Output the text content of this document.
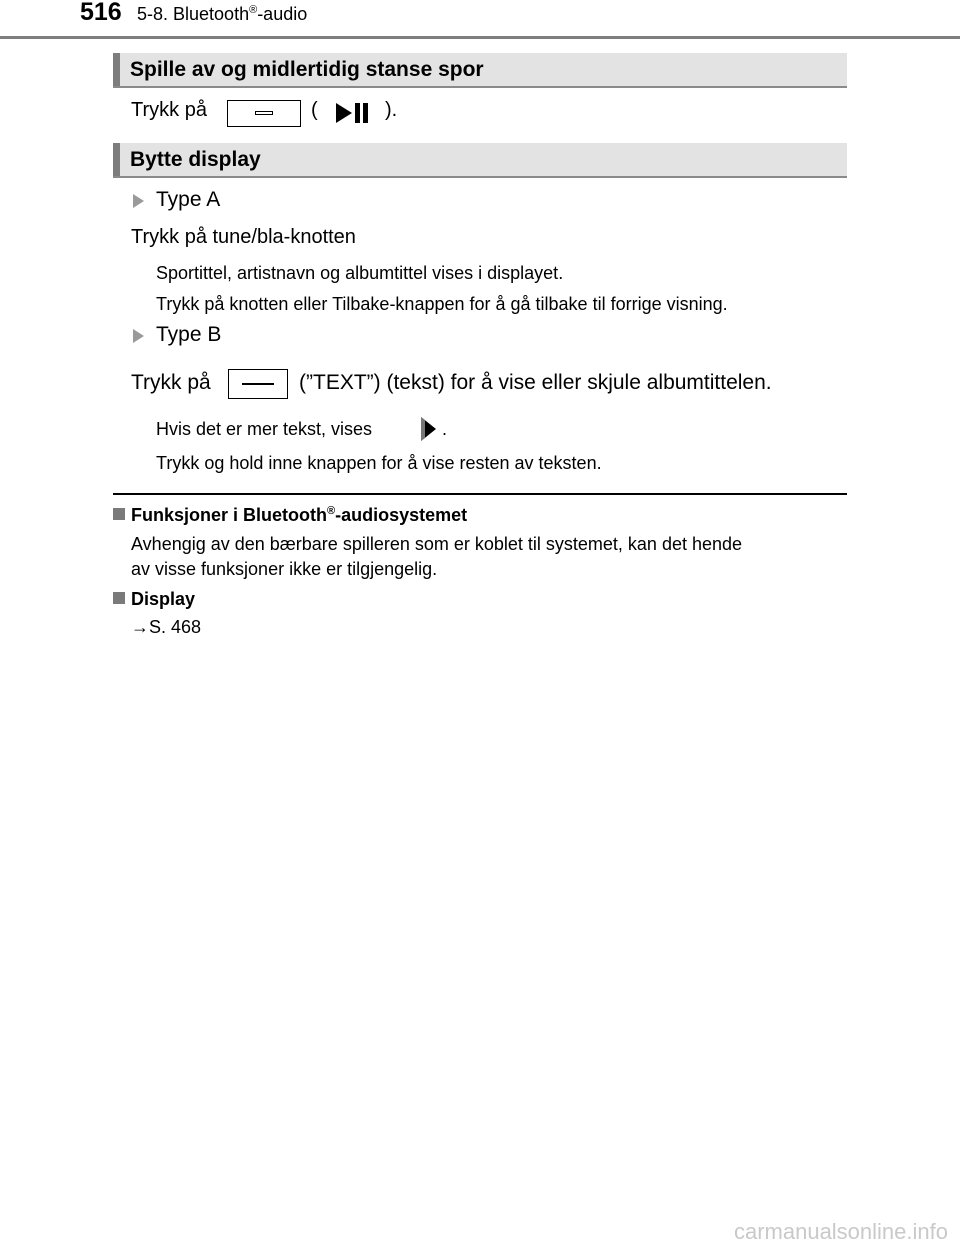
516 5-8. Bluetooth®-audio
Spille av og midlertidig stanse spor
Trykk på	(	).
Bytte display
Type A
Trykk på tune/bla-knotten
Sportittel, artistnavn og albumtittel vises i displayet.
Trykk på knotten eller Tilbake-knappen for å gå tilbake til forrige visning.
Type B
Trykk på	(”TEXT”) (tekst) for å vise eller skjule albumtittelen.
Hvis det er mer tekst, vises	.
Trykk og hold inne knappen for å vise resten av teksten.
Funksjoner i Bluetooth®-audiosystemet
Avhengig av den bærbare spilleren som er koblet til systemet, kan det hende
av visse funksjoner ikke er tilgjengelig.
Display
→S. 468
carmanualsonline.info
